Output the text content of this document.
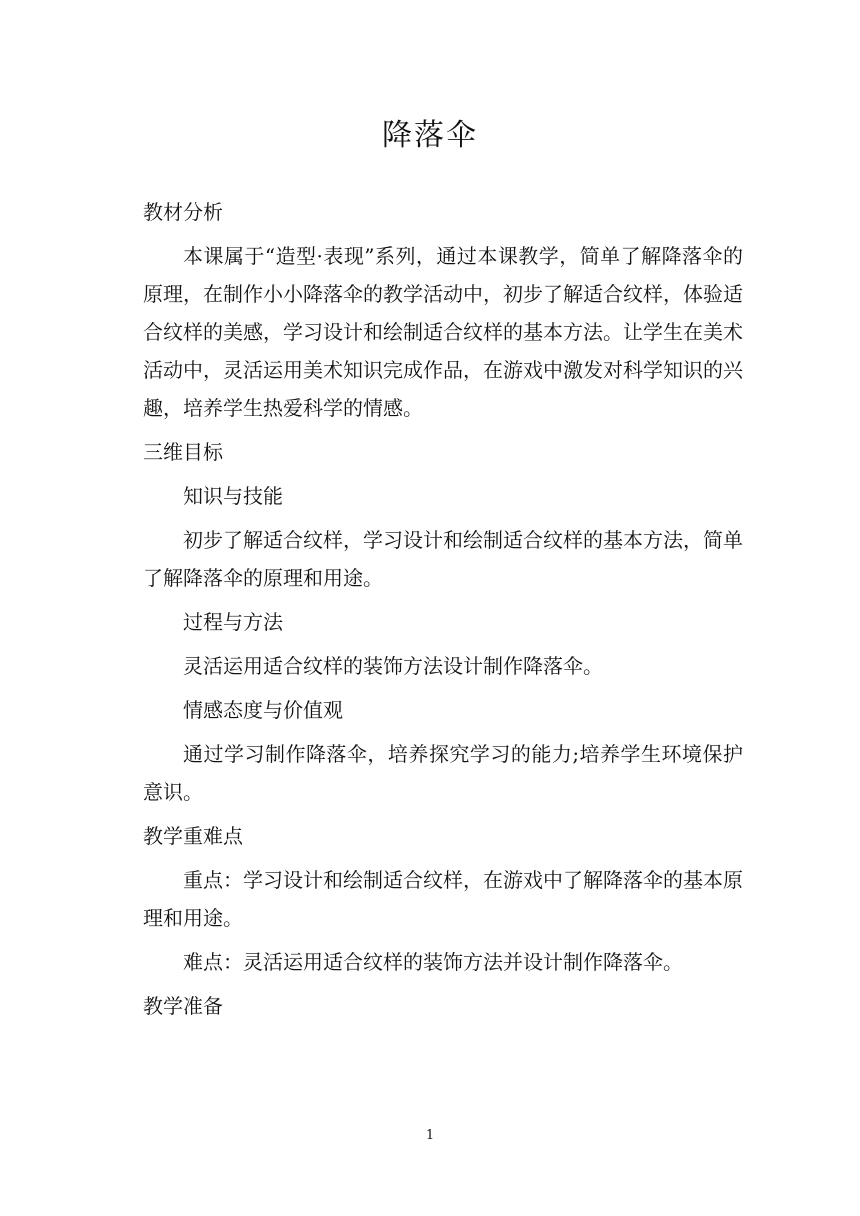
降落伞

教材分析

本课属于“造型·表现”系列，通过本课教学，简单了解降落伞的原理，在制作小小降落伞的教学活动中，初步了解适合纹样，体验适合纹样的美感，学习设计和绘制适合纹样的基本方法。让学生在美术活动中，灵活运用美术知识完成作品，在游戏中激发对科学知识的兴趣，培养学生热爱科学的情感。

三维目标

知识与技能

初步了解适合纹样，学习设计和绘制适合纹样的基本方法，简单了解降落伞的原理和用途。

过程与方法

灵活运用适合纹样的装饰方法设计制作降落伞。

情感态度与价值观

通过学习制作降落伞，培养探究学习的能力;培养学生环境保护意识。

教学重难点

重点：学习设计和绘制适合纹样，在游戏中了解降落伞的基本原理和用途。

难点：灵活运用适合纹样的装饰方法并设计制作降落伞。

教学准备

1
